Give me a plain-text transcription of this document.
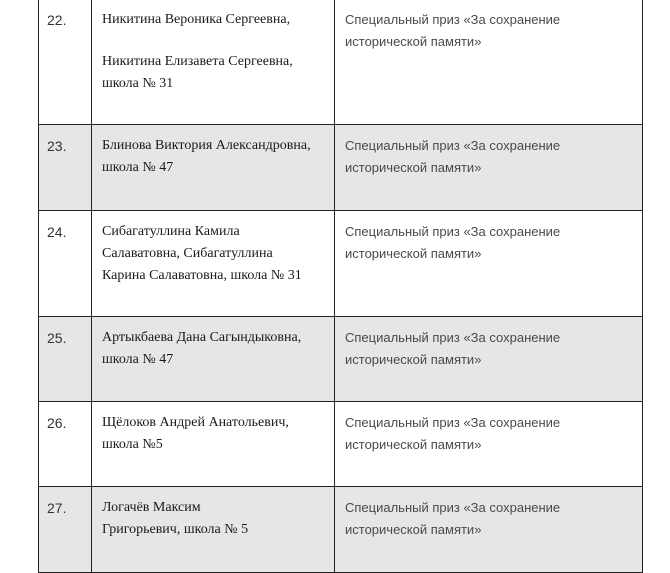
22.	Никитина Вероника Сергеевна,
Никитина Елизавета Сергеевна,
школа № 31	Специальный приз «За сохранение
исторической памяти»

23.	Блинова Виктория Александровна,
школа № 47	Специальный приз «За сохранение
исторической памяти»

24.	Сибагатуллина Камила
Салаватовна, Сибагатуллина
Карина Салаватовна, школа № 31	Специальный приз «За сохранение
исторической памяти»

25.	Артыкбаева Дана Сагындыковна,
школа № 47	Специальный приз «За сохранение
исторической памяти»

26.	Щёлоков Андрей Анатольевич,
школа №5	Специальный приз «За сохранение
исторической памяти»

27.	Логачёв Максим
Григорьевич, школа № 5	Специальный приз «За сохранение
исторической памяти»
